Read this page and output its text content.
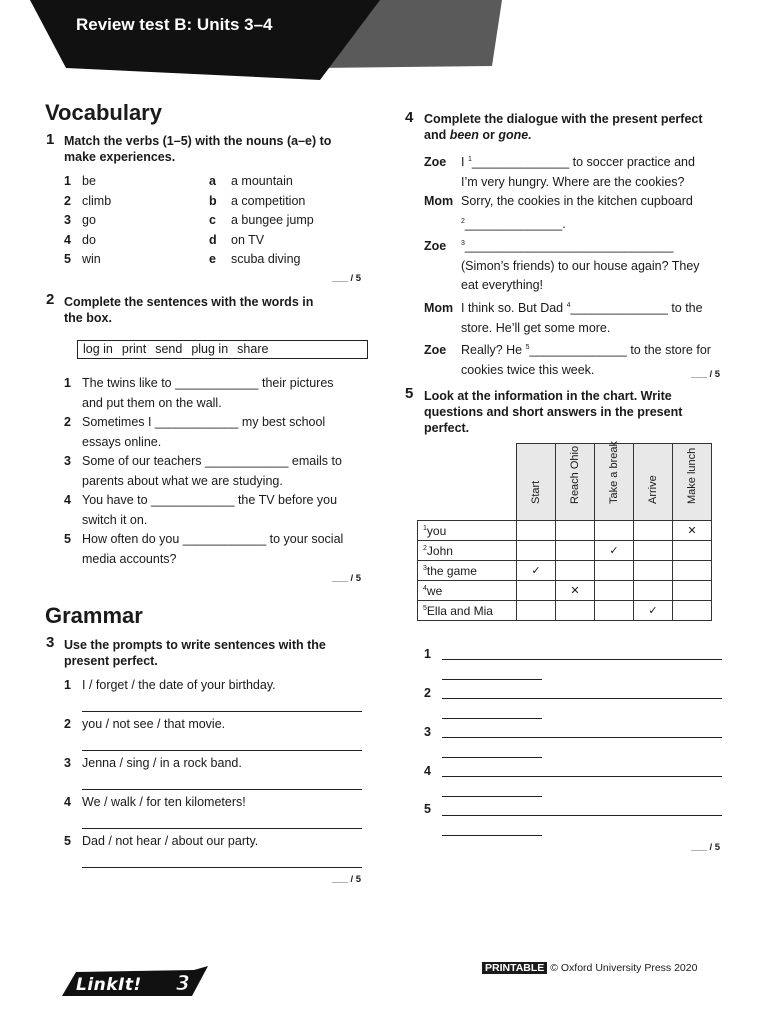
Review test B: Units 3–4
Vocabulary
1 Match the verbs (1–5) with the nouns (a–e) to
make experiences.
1 be
2 climb
3 go
4 do
5 win
a a mountain
b a competition
c a bungee jump
d on TV
e scuba diving
___ / 5
2 Complete the sentences with the words in
the box.
log in print send plug in share
1 The twins like to ____________ their pictures
and put them on the wall.
2 Sometimes I ____________ my best school
essays online.
3 Some of our teachers ____________ emails to
parents about what we are studying.
4 You have to ____________ the TV before you
switch it on.
5 How often do you ____________ to your social
media accounts?
___ / 5
Grammar
3 Use the prompts to write sentences with the
present perfect.
1 I / forget / the date of your birthday.
2 you / not see / that movie.
3 Jenna / sing / in a rock band.
4 We / walk / for ten kilometers!
5 Dad / not hear / about our party.
___ / 5
4 Complete the dialogue with the present perfect
and been or gone.
Zoe I $^1$______________ to soccer practice and
I’m very hungry. Where are the cookies?
Mom Sorry, the cookies in the kitchen cupboard
$^2$______________.
Zoe $^3$______________________________
(Simon’s friends) to our house again? They
eat everything!
Mom I think so. But Dad $^4$______________ to the
store. He’ll get some more.
Zoe Really? He $^5$______________ to the store for
cookies twice this week.	___ / 5
5 Look at the information in the chart. Write
questions and short answers in the present
perfect.

	Start	Reach Ohio	Take a break	Arrive	Make lunch

$^1$you					✕
$^2$John			✓		
$^3$the game	✓				
$^4$we		✕			
$^5$Ella and Mia				✓	
1
2
3
4
5
___ / 5
LinkIt! 3
PRINTABLE © Oxford University Press 2020
